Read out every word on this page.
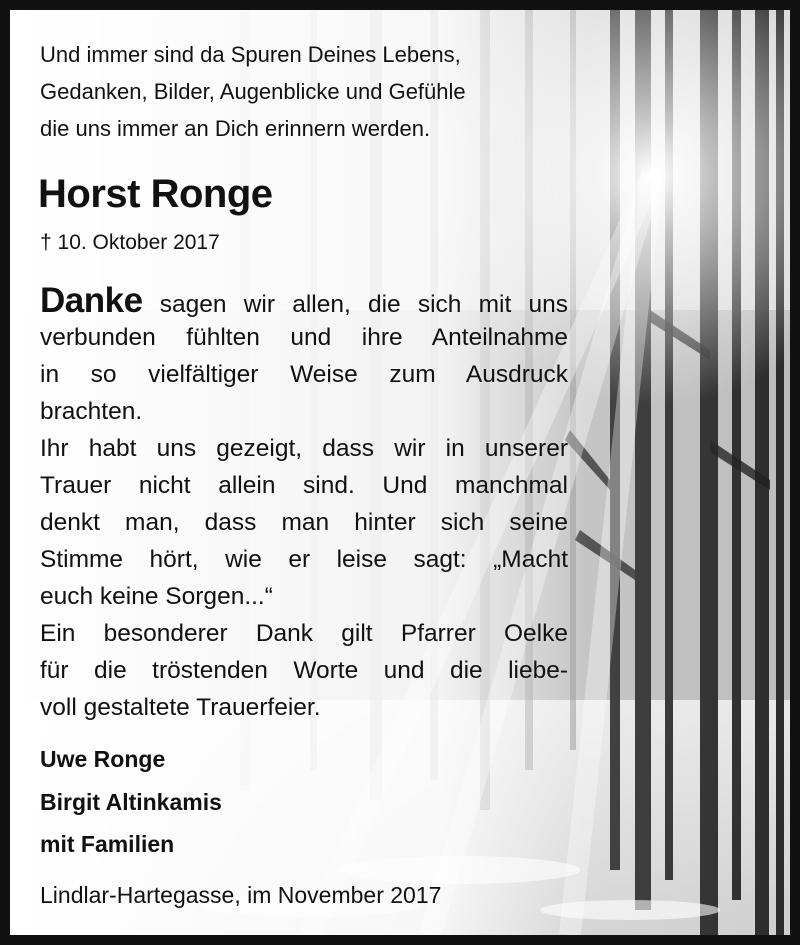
Und immer sind da Spuren Deines Lebens,
Gedanken, Bilder, Augenblicke und Gefühle
die uns immer an Dich erinnern werden.
Horst Ronge
† 10. Oktober 2017
Danke sagen wir allen, die sich mit uns
verbunden fühlten und ihre Anteilnahme
in so vielfältiger Weise zum Ausdruck
brachten.
Ihr habt uns gezeigt, dass wir in unserer
Trauer nicht allein sind. Und manchmal
denkt man, dass man hinter sich seine
Stimme hört, wie er leise sagt: „Macht
euch keine Sorgen...“
Ein besonderer Dank gilt Pfarrer Oelke
für die tröstenden Worte und die liebe-
voll gestaltete Trauerfeier.
Uwe Ronge
Birgit Altinkamis
mit Familien
Lindlar-Hartegasse, im November 2017
